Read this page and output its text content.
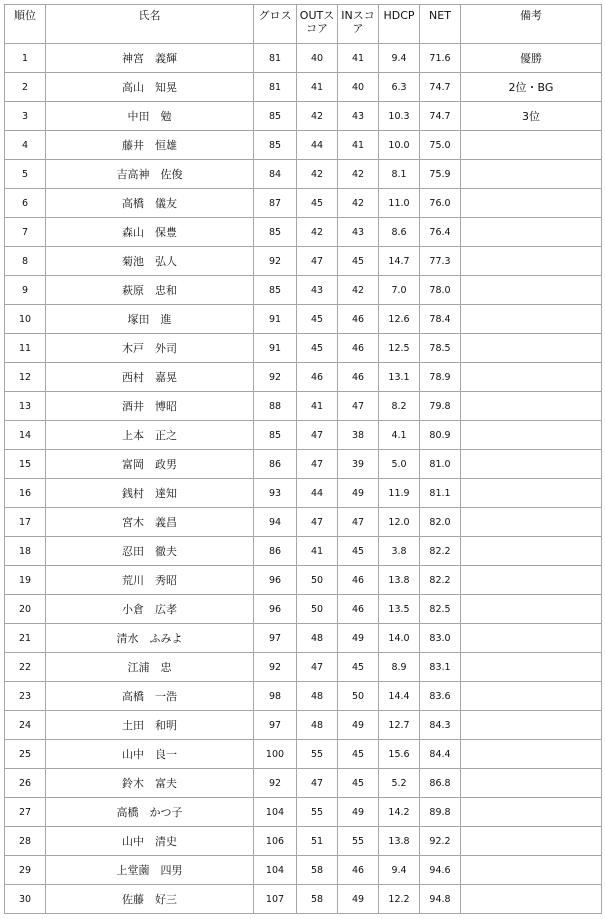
順位	氏名	グロス	OUTスコア	INスコア	HDCP	NET	備考
1	神宮　義輝	81	40	41	9.4	71.6	優勝
2	高山　知晃	81	41	40	6.3	74.7	2位・BG
3	中田　勉	85	42	43	10.3	74.7	3位
4	藤井　恒雄	85	44	41	10.0	75.0	
5	吉高神　佐俊	84	42	42	8.1	75.9	
6	高橋　儀友	87	45	42	11.0	76.0	
7	森山　保豊	85	42	43	8.6	76.4	
8	菊池　弘人	92	47	45	14.7	77.3	
9	萩原　忠和	85	43	42	7.0	78.0	
10	塚田　進	91	45	46	12.6	78.4	
11	木戸　外司	91	45	46	12.5	78.5	
12	西村　嘉晃	92	46	46	13.1	78.9	
13	酒井　博昭	88	41	47	8.2	79.8	
14	上本　正之	85	47	38	4.1	80.9	
15	富岡　政男	86	47	39	5.0	81.0	
16	銭村　達知	93	44	49	11.9	81.1	
17	宮木　義昌	94	47	47	12.0	82.0	
18	忍田　徹夫	86	41	45	3.8	82.2	
19	荒川　秀昭	96	50	46	13.8	82.2	
20	小倉　広孝	96	50	46	13.5	82.5	
21	清水　ふみよ	97	48	49	14.0	83.0	
22	江浦　忠	92	47	45	8.9	83.1	
23	高橋　一浩	98	48	50	14.4	83.6	
24	土田　和明	97	48	49	12.7	84.3	
25	山中　良一	100	55	45	15.6	84.4	
26	鈴木　富夫	92	47	45	5.2	86.8	
27	高橋　かつ子	104	55	49	14.2	89.8	
28	山中　清史	106	51	55	13.8	92.2	
29	上堂薗　四男	104	58	46	9.4	94.6	
30	佐藤　好三	107	58	49	12.2	94.8	
